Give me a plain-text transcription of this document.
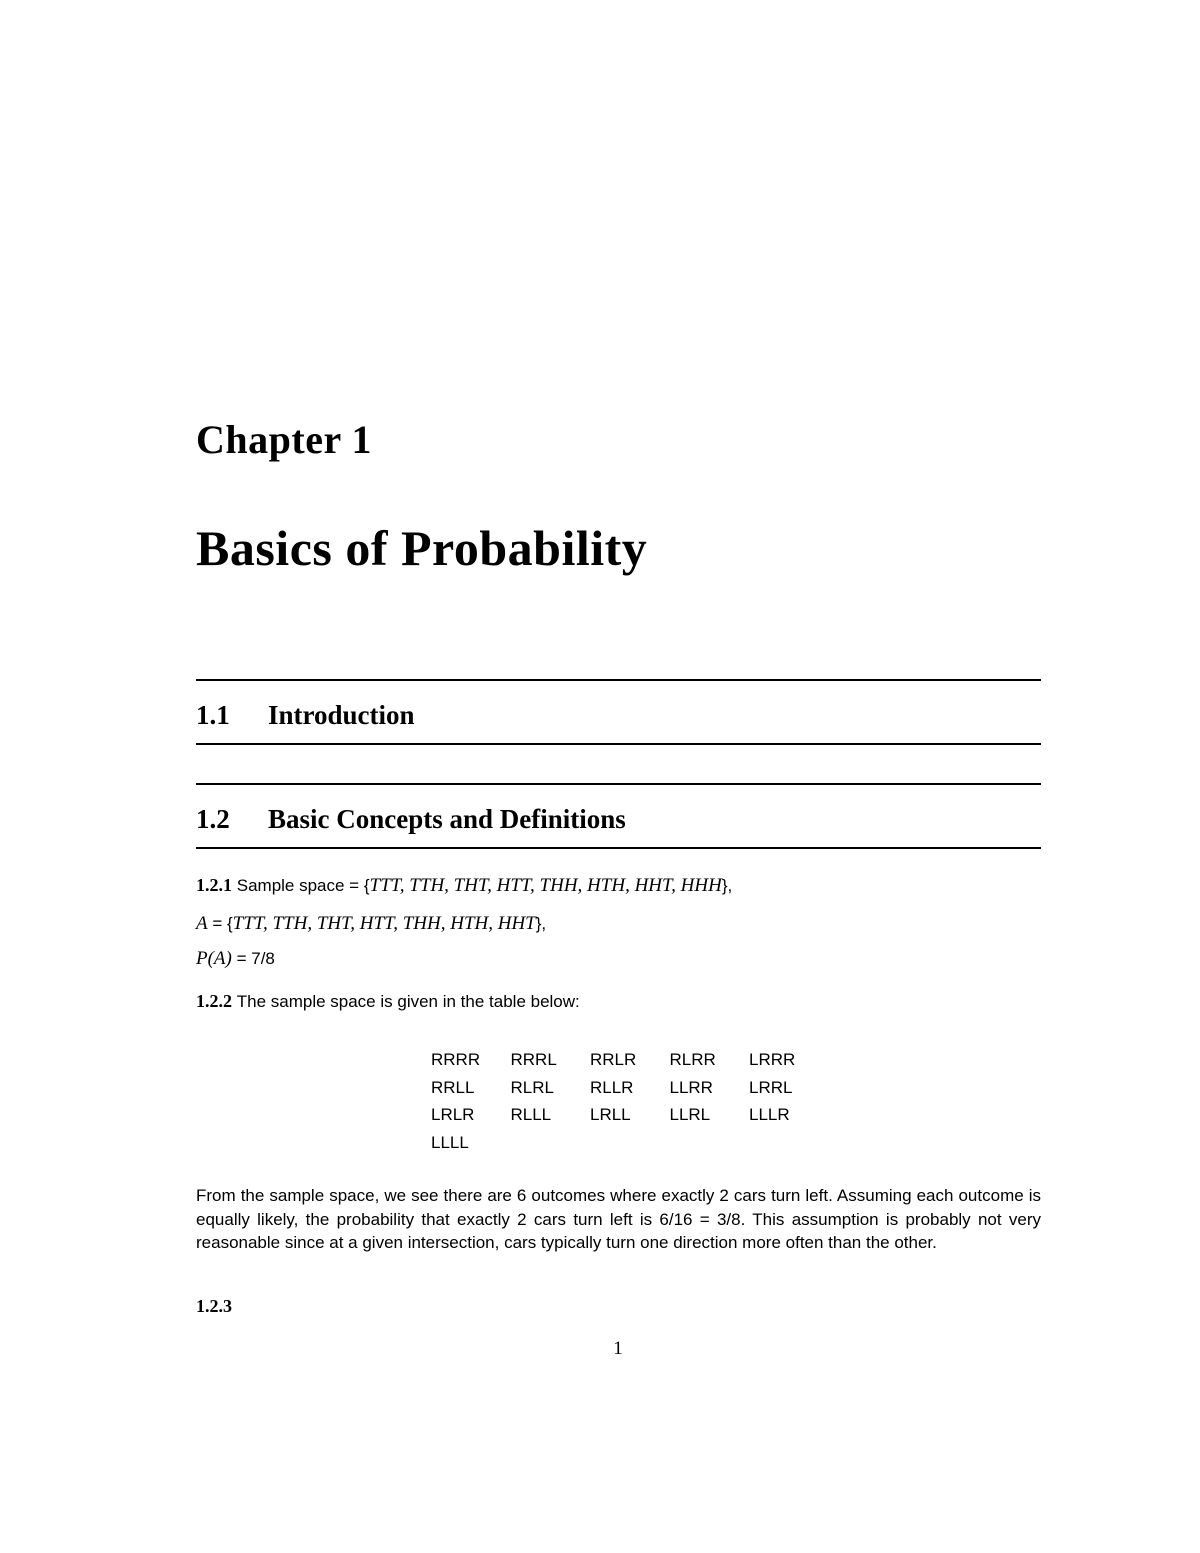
Chapter 1
Basics of Probability
1.1 Introduction
1.2 Basic Concepts and Definitions
1.2.1 Sample space = {TTT, TTH, THT, HTT, THH, HTH, HHT, HHH},
A = {TTT, TTH, THT, HTT, THH, HTH, HHT},
P(A) = 7/8
1.2.2 The sample space is given in the table below:
RRRR	RRRL	RRLR	RLRR	LRRR
RRLL	RLRL	RLLR	LLRR	LRRL
LRLR	RLLL	LRLL	LLRL	LLLR
LLLL
From the sample space, we see there are 6 outcomes where exactly 2 cars turn left. Assuming each outcome is equally likely, the probability that exactly 2 cars turn left is 6/16 = 3/8. This assumption is probably not very reasonable since at a given intersection, cars typically turn one direction more often than the other.
1.2.3
1
